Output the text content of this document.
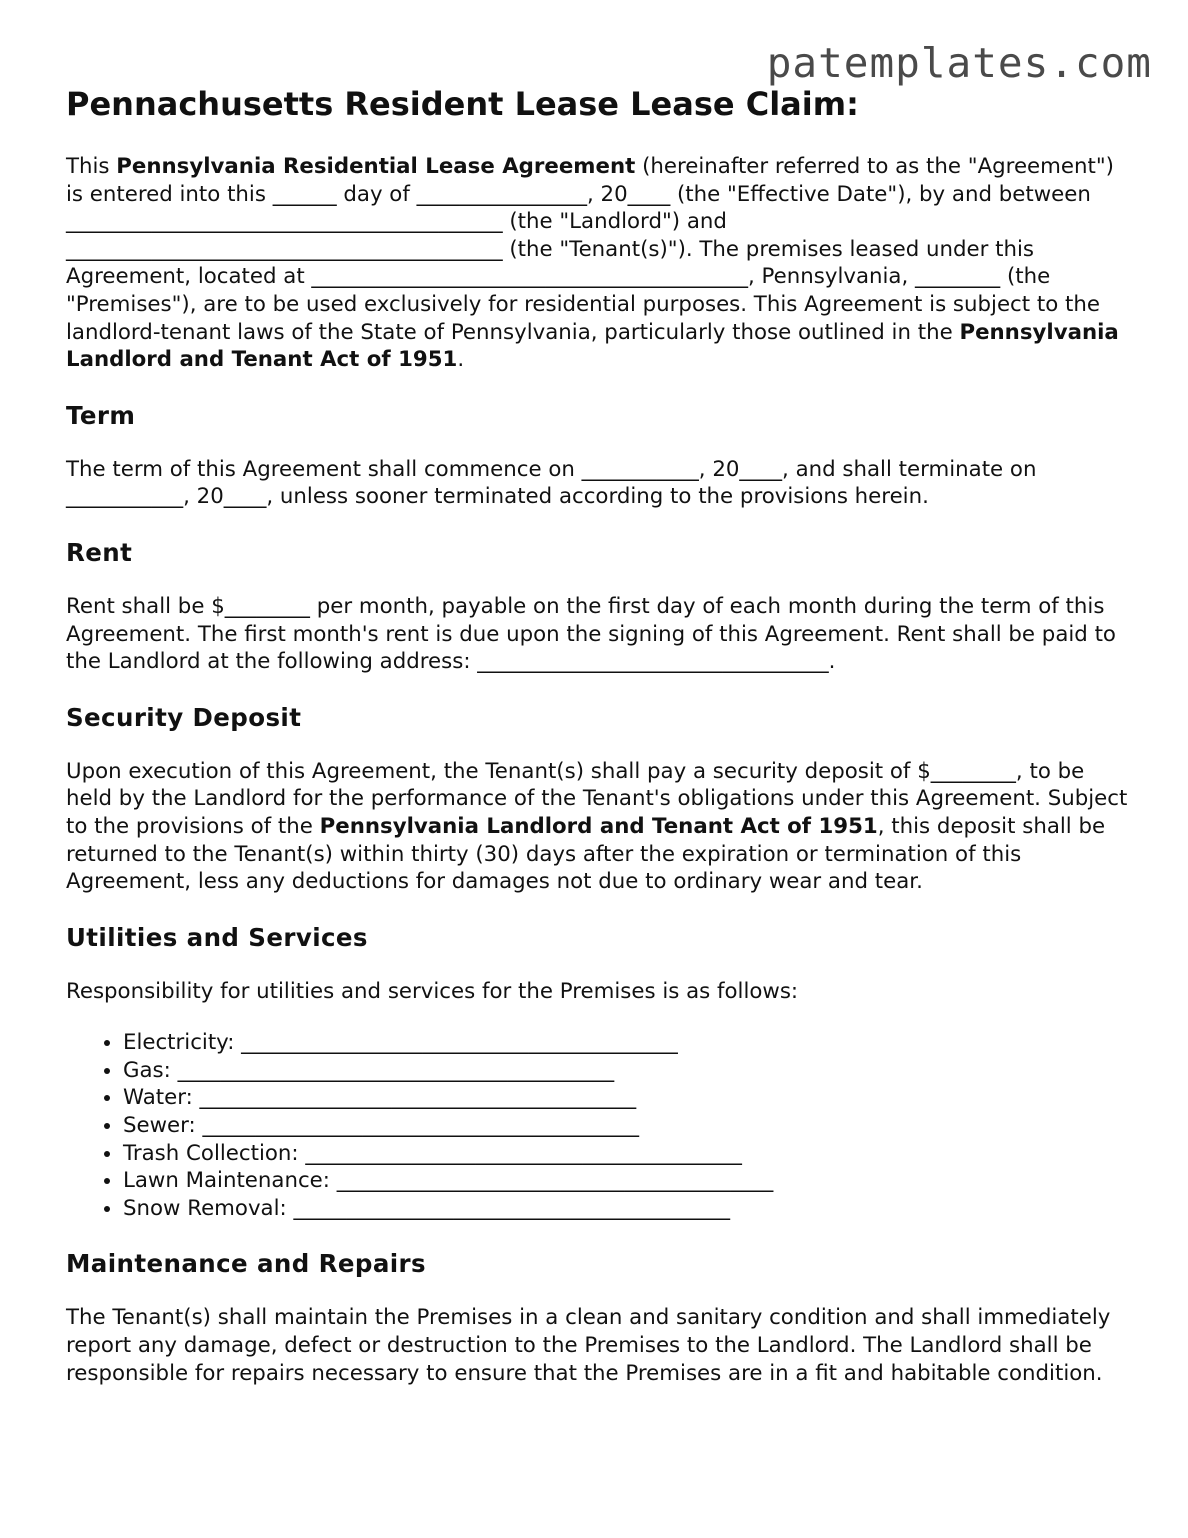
patemplates.com
Pennachusetts Resident Lease Lease Claim:

This Pennsylvania Residential Lease Agreement (hereinafter referred to as the "Agreement") is entered into this ______ day of ________________, 20____ (the "Effective Date"), by and between _________________________________________ (the "Landlord") and _________________________________________ (the "Tenant(s)"). The premises leased under this Agreement, located at _________________________________________, Pennsylvania, ________ (the "Premises"), are to be used exclusively for residential purposes. This Agreement is subject to the landlord-tenant laws of the State of Pennsylvania, particularly those outlined in the Pennsylvania Landlord and Tenant Act of 1951.

Term

The term of this Agreement shall commence on ___________, 20____, and shall terminate on ___________, 20____, unless sooner terminated according to the provisions herein.

Rent

Rent shall be $________ per month, payable on the first day of each month during the term of this Agreement. The first month's rent is due upon the signing of this Agreement. Rent shall be paid to the Landlord at the following address: _________________________________.

Security Deposit

Upon execution of this Agreement, the Tenant(s) shall pay a security deposit of $________, to be held by the Landlord for the performance of the Tenant's obligations under this Agreement. Subject to the provisions of the Pennsylvania Landlord and Tenant Act of 1951, this deposit shall be returned to the Tenant(s) within thirty (30) days after the expiration or termination of this Agreement, less any deductions for damages not due to ordinary wear and tear.

Utilities and Services

Responsibility for utilities and services for the Premises is as follows:

• Electricity: _________________________________________
• Gas: _________________________________________
• Water: _________________________________________
• Sewer: _________________________________________
• Trash Collection: _________________________________________
• Lawn Maintenance: _________________________________________
• Snow Removal: _________________________________________
Maintenance and Repairs

The Tenant(s) shall maintain the Premises in a clean and sanitary condition and shall immediately report any damage, defect or destruction to the Premises to the Landlord. The Landlord shall be responsible for repairs necessary to ensure that the Premises are in a fit and habitable condition.
